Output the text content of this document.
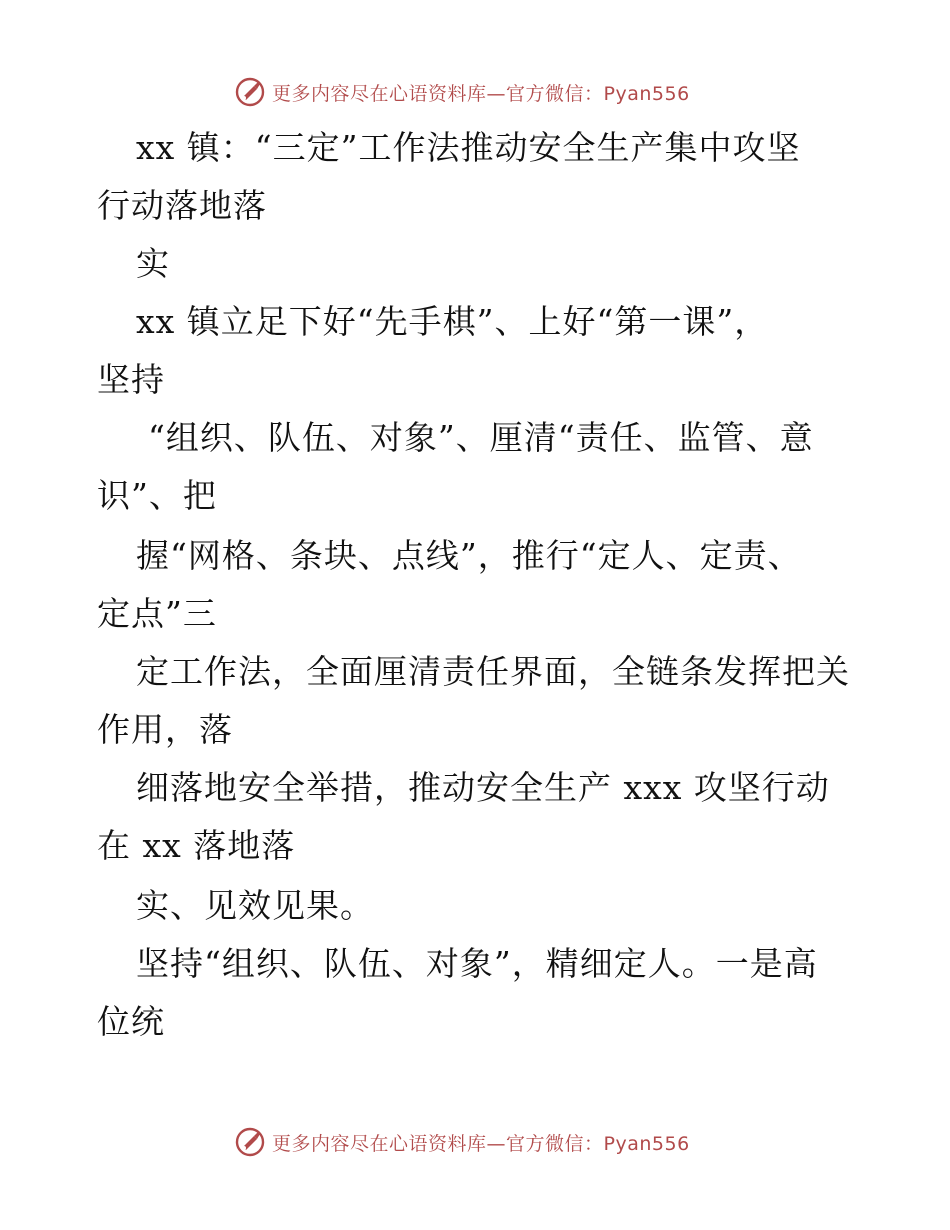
更多内容尽在心语资料库—官方微信：Pyan556
xx 镇：“三定”工作法推动安全生产集中攻坚
行动落地落
实
xx 镇立足下好“先手棋”、上好“第一课”，
坚持
“组织、队伍、对象”、厘清“责任、监管、意
识”、把
握“网格、条块、点线”，推行“定人、定责、
定点”三
定工作法，全面厘清责任界面，全链条发挥把关
作用，落
细落地安全举措，推动安全生产 xxx 攻坚行动
在 xx 落地落
实、见效见果。
坚持“组织、队伍、对象”，精细定人。一是高
位统
更多内容尽在心语资料库—官方微信：Pyan556
